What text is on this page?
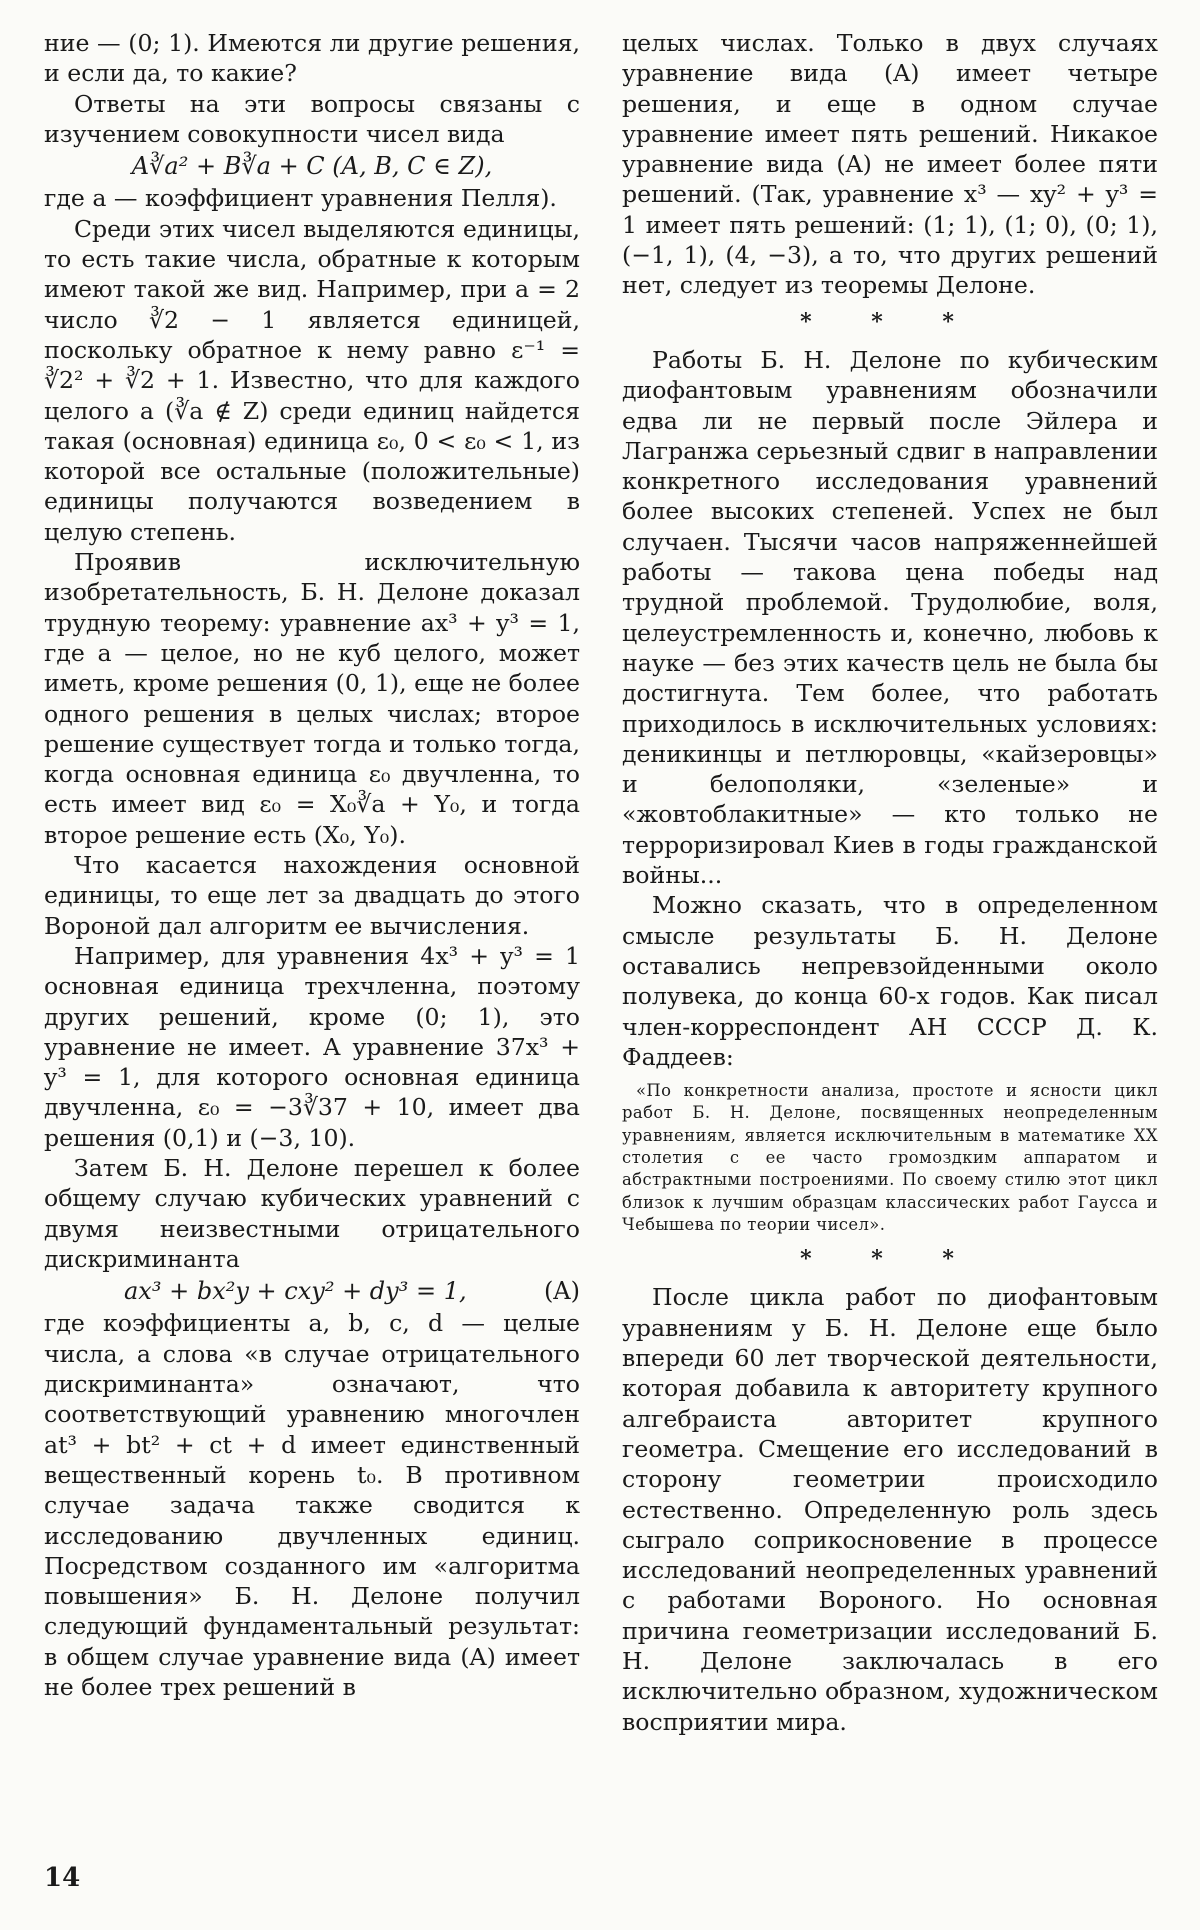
ние — (0; 1). Имеются ли другие решения, и если да, то какие?

Ответы на эти вопросы связаны с изучением совокупности чисел вида

A∛a² + B∛a + C (A, B, C ∈ Z),

где a — коэффициент уравнения Пелля).

Среди этих чисел выделяются единицы, то есть такие числа, обратные к которым имеют такой же вид. Например, при a = 2 число ∛2 − 1 является единицей, поскольку обратное к нему равно ε⁻¹ = ∛2² + ∛2 + 1. Известно, что для каждого целого a (∛a ∉ Z) среди единиц найдется такая (основная) единица ε₀, 0 < ε₀ < 1, из которой все остальные (положительные) единицы получаются возведением в целую степень.

Проявив исключительную изобретательность, Б. Н. Делоне доказал трудную теорему: уравнение ax³ + y³ = 1, где a — целое, но не куб целого, может иметь, кроме решения (0, 1), еще не более одного решения в целых числах; второе решение существует тогда и только тогда, когда основная единица ε₀ двучленна, то есть имеет вид ε₀ = X₀∛a + Y₀, и тогда второе решение есть (X₀, Y₀).

Что касается нахождения основной единицы, то еще лет за двадцать до этого Вороной дал алгоритм ее вычисления.

Например, для уравнения 4x³ + y³ = 1 основная единица трехчленна, поэтому других решений, кроме (0; 1), это уравнение не имеет. А уравнение 37x³ + y³ = 1, для которого основная единица двучленна, ε₀ = −3∛37 + 10, имеет два решения (0,1) и (−3, 10).

Затем Б. Н. Делоне перешел к более общему случаю кубических уравнений с двумя неизвестными отрицательного дискриминанта

ax³ + bx²y + cxy² + dy³ = 1,	(A)

где коэффициенты a, b, c, d — целые числа, а слова «в случае отрицательного дискриминанта» означают, что соответствующий уравнению многочлен at³ + bt² + ct + d имеет единственный вещественный корень t₀. В противном случае задача также сводится к исследованию двучленных единиц. Посредством созданного им «алгоритма повышения» Б. Н. Делоне получил следующий фундаментальный результат: в общем случае уравнение вида (A) имеет не более трех решений в

целых числах. Только в двух случаях уравнение вида (A) имеет четыре решения, и еще в одном случае уравнение имеет пять решений. Никакое уравнение вида (A) не имеет более пяти решений. (Так, уравнение x³ — xy² + y³ = 1 имеет пять решений: (1; 1), (1; 0), (0; 1), (−1, 1), (4, −3), а то, что других решений нет, следует из теоремы Делоне.

* * *

Работы Б. Н. Делоне по кубическим диофантовым уравнениям обозначили едва ли не первый после Эйлера и Лагранжа серьезный сдвиг в направлении конкретного исследования уравнений более высоких степеней. Успех не был случаен. Тысячи часов напряженнейшей работы — такова цена победы над трудной проблемой. Трудолюбие, воля, целеустремленность и, конечно, любовь к науке — без этих качеств цель не была бы достигнута. Тем более, что работать приходилось в исключительных условиях: деникинцы и петлюровцы, «кайзеровцы» и белополяки, «зеленые» и «жовтоблакитные» — кто только не терроризировал Киев в годы гражданской войны...

Можно сказать, что в определенном смысле результаты Б. Н. Делоне оставались непревзойденными около полувека, до конца 60-х годов. Как писал член-корреспондент АН СССР Д. К. Фаддеев:

«По конкретности анализа, простоте и ясности цикл работ Б. Н. Делоне, посвященных неопределенным уравнениям, является исключительным в математике XX столетия с ее часто громоздким аппаратом и абстрактными построениями. По своему стилю этот цикл близок к лучшим образцам классических работ Гаусса и Чебышева по теории чисел».

* * *

После цикла работ по диофантовым уравнениям у Б. Н. Делоне еще было впереди 60 лет творческой деятельности, которая добавила к авторитету крупного алгебраиста авторитет крупного геометра. Смещение его исследований в сторону геометрии происходило естественно. Определенную роль здесь сыграло соприкосновение в процессе исследований неопределенных уравнений с работами Вороного. Но основная причина геометризации исследований Б. Н. Делоне заключалась в его исключительно образном, художническом восприятии мира.

14
